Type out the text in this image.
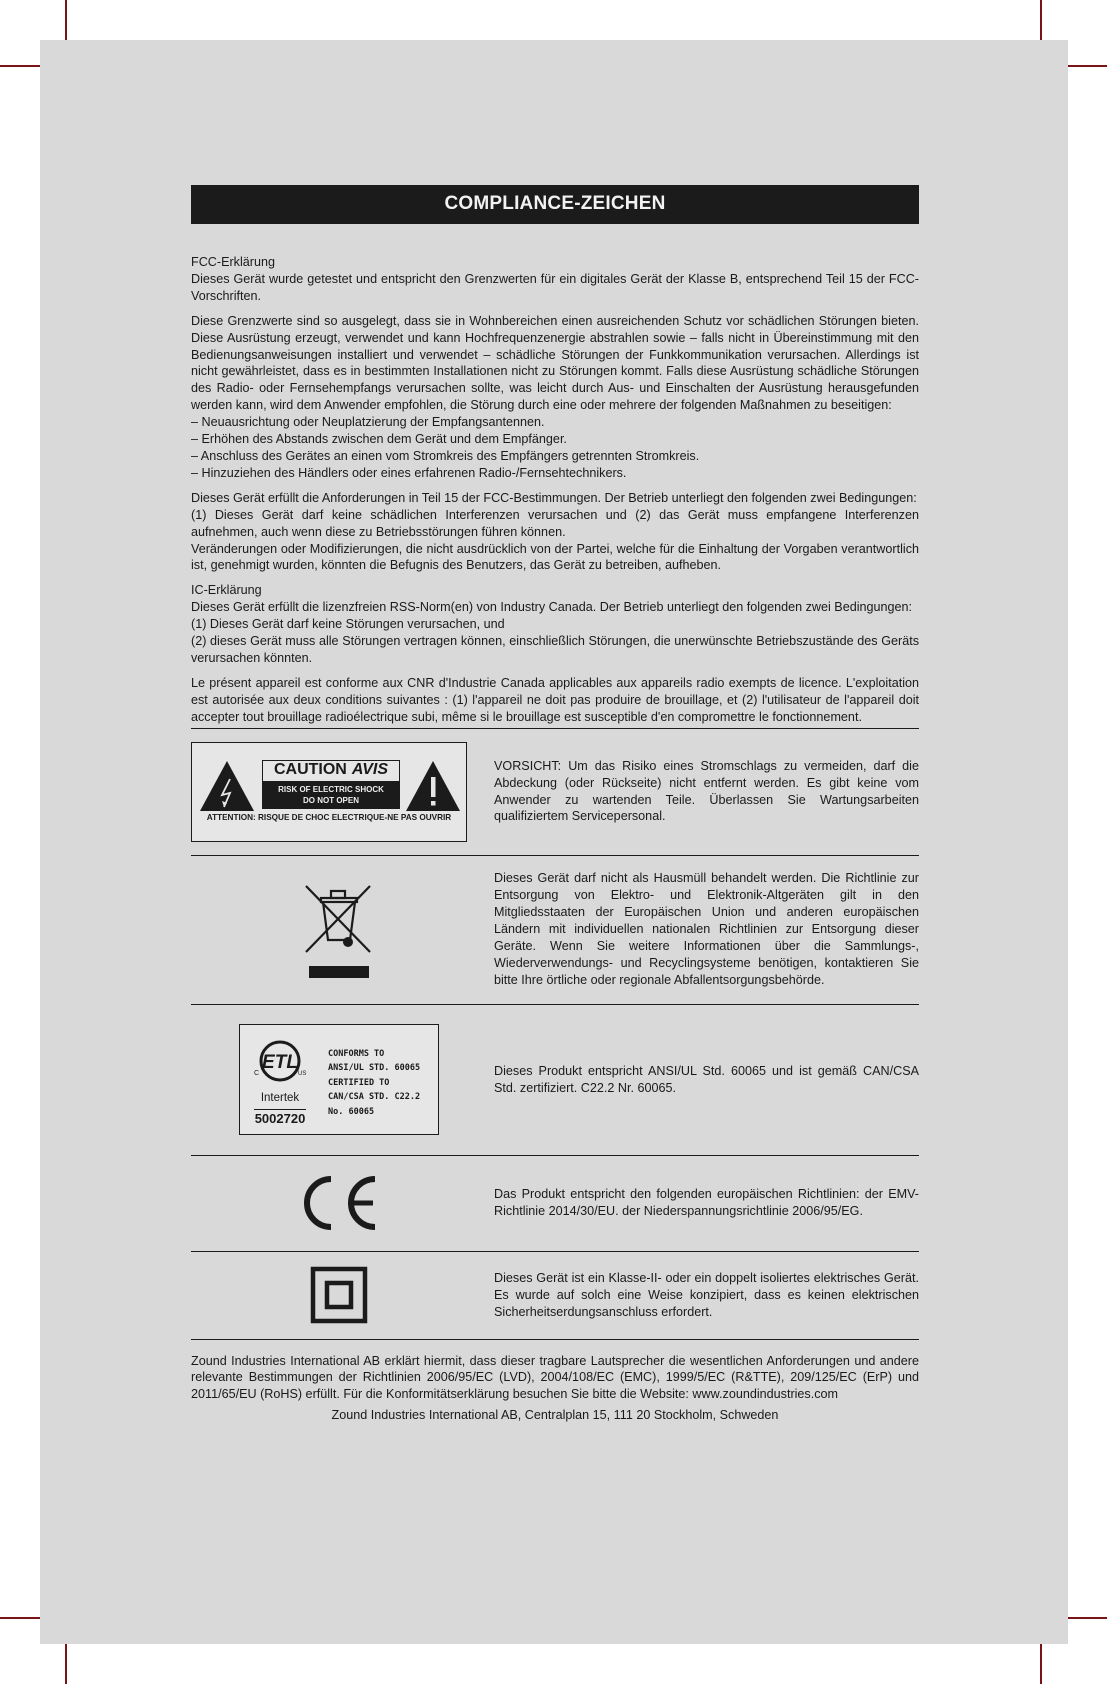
COMPLIANCE-ZEICHEN

FCC-Erklärung

Dieses Gerät wurde getestet und entspricht den Grenzwerten für ein digitales Gerät der Klasse B, entsprechend Teil 15 der FCC-Vorschriften.

Diese Grenzwerte sind so ausgelegt, dass sie in Wohnbereichen einen ausreichenden Schutz vor schädlichen Störungen bieten. Diese Ausrüstung erzeugt, verwendet und kann Hochfrequenzenergie abstrahlen sowie – falls nicht in Übereinstimmung mit den Bedienungsanweisungen installiert und verwendet – schädliche Störungen der Funkkommunikation verursachen. Allerdings ist nicht gewährleistet, dass es in bestimmten Installationen nicht zu Störungen kommt. Falls diese Ausrüstung schädliche Störungen des Radio- oder Fernsehempfangs verursachen sollte, was leicht durch Aus- und Einschalten der Ausrüstung herausgefunden werden kann, wird dem Anwender empfohlen, die Störung durch eine oder mehrere der folgenden Maßnahmen zu beseitigen:

– Neuausrichtung oder Neuplatzierung der Empfangsantennen.

– Erhöhen des Abstands zwischen dem Gerät und dem Empfänger.

– Anschluss des Gerätes an einen vom Stromkreis des Empfängers getrennten Stromkreis.

– Hinzuziehen des Händlers oder eines erfahrenen Radio-/Fernsehtechnikers.

Dieses Gerät erfüllt die Anforderungen in Teil 15 der FCC-Bestimmungen. Der Betrieb unterliegt den folgenden zwei Bedingungen:

(1) Dieses Gerät darf keine schädlichen Interferenzen verursachen und (2) das Gerät muss empfangene Interferenzen aufnehmen, auch wenn diese zu Betriebsstörungen führen können.

Veränderungen oder Modifizierungen, die nicht ausdrücklich von der Partei, welche für die Einhaltung der Vorgaben verantwortlich ist, genehmigt wurden, könnten die Befugnis des Benutzers, das Gerät zu betreiben, aufheben.

IC-Erklärung

Dieses Gerät erfüllt die lizenzfreien RSS-Norm(en) von Industry Canada. Der Betrieb unterliegt den folgenden zwei Bedingungen:

(1) Dieses Gerät darf keine Störungen verursachen, und

(2) dieses Gerät muss alle Störungen vertragen können, einschließlich Störungen, die unerwünschte Betriebszustände des Geräts verursachen könnten.

Le présent appareil est conforme aux CNR d'Industrie Canada applicables aux appareils radio exempts de licence. L'exploitation est autorisée aux deux conditions suivantes : (1) l'appareil ne doit pas produire de brouillage, et (2) l'utilisateur de l'appareil doit accepter tout brouillage radioélectrique subi, même si le brouillage est susceptible d'en compromettre le fonctionnement.

CAUTION AVIS
RISK OF ELECTRIC SHOCK
DO NOT OPEN
ATTENTION: RISQUE DE CHOC ELECTRIQUE-NE PAS OUVRIR

VORSICHT: Um das Risiko eines Stromschlags zu vermeiden, darf die Abdeckung (oder Rückseite) nicht entfernt werden. Es gibt keine vom Anwender zu wartenden Teile. Überlassen Sie Wartungsarbeiten qualifiziertem Servicepersonal.

Dieses Gerät darf nicht als Hausmüll behandelt werden. Die Richtlinie zur Entsorgung von Elektro- und Elektronik-Altgeräten gilt in den Mitgliedsstaaten der Europäischen Union und anderen europäischen Ländern mit individuellen nationalen Richtlinien zur Entsorgung dieser Geräte. Wenn Sie weitere Informationen über die Sammlungs-, Wiederverwendungs- und Recyclingsysteme benötigen, kontaktieren Sie bitte Ihre örtliche oder regionale Abfallentsorgungsbehörde.

ETL
C	US
Intertek
5002720
CONFORMS TO
ANSI/UL STD. 60065
CERTIFIED TO
CAN/CSA STD. C22.2
No. 60065

Dieses Produkt entspricht ANSI/UL Std. 60065 und ist gemäß CAN/CSA Std. zertifiziert. C22.2 Nr. 60065.

Das Produkt entspricht den folgenden europäischen Richtlinien: der EMV-Richtlinie 2014/30/EU. der Niederspannungsrichtlinie 2006/95/EG.

Dieses Gerät ist ein Klasse-II- oder ein doppelt isoliertes elektrisches Gerät. Es wurde auf solch eine Weise konzipiert, dass es keinen elektrischen Sicherheitserdungsanschluss erfordert.

Zound Industries International AB erklärt hiermit, dass dieser tragbare Lautsprecher die wesentlichen Anforderungen und andere relevante Bestimmungen der Richtlinien 2006/95/EC (LVD), 2004/108/EC (EMC), 1999/5/EC (R&TTE), 209/125/EC (ErP) und 2011/65/EU (RoHS) erfüllt. Für die Konformitätserklärung besuchen Sie bitte die Website: www.zoundindustries.com

Zound Industries International AB, Centralplan 15, 111 20 Stockholm, Schweden
